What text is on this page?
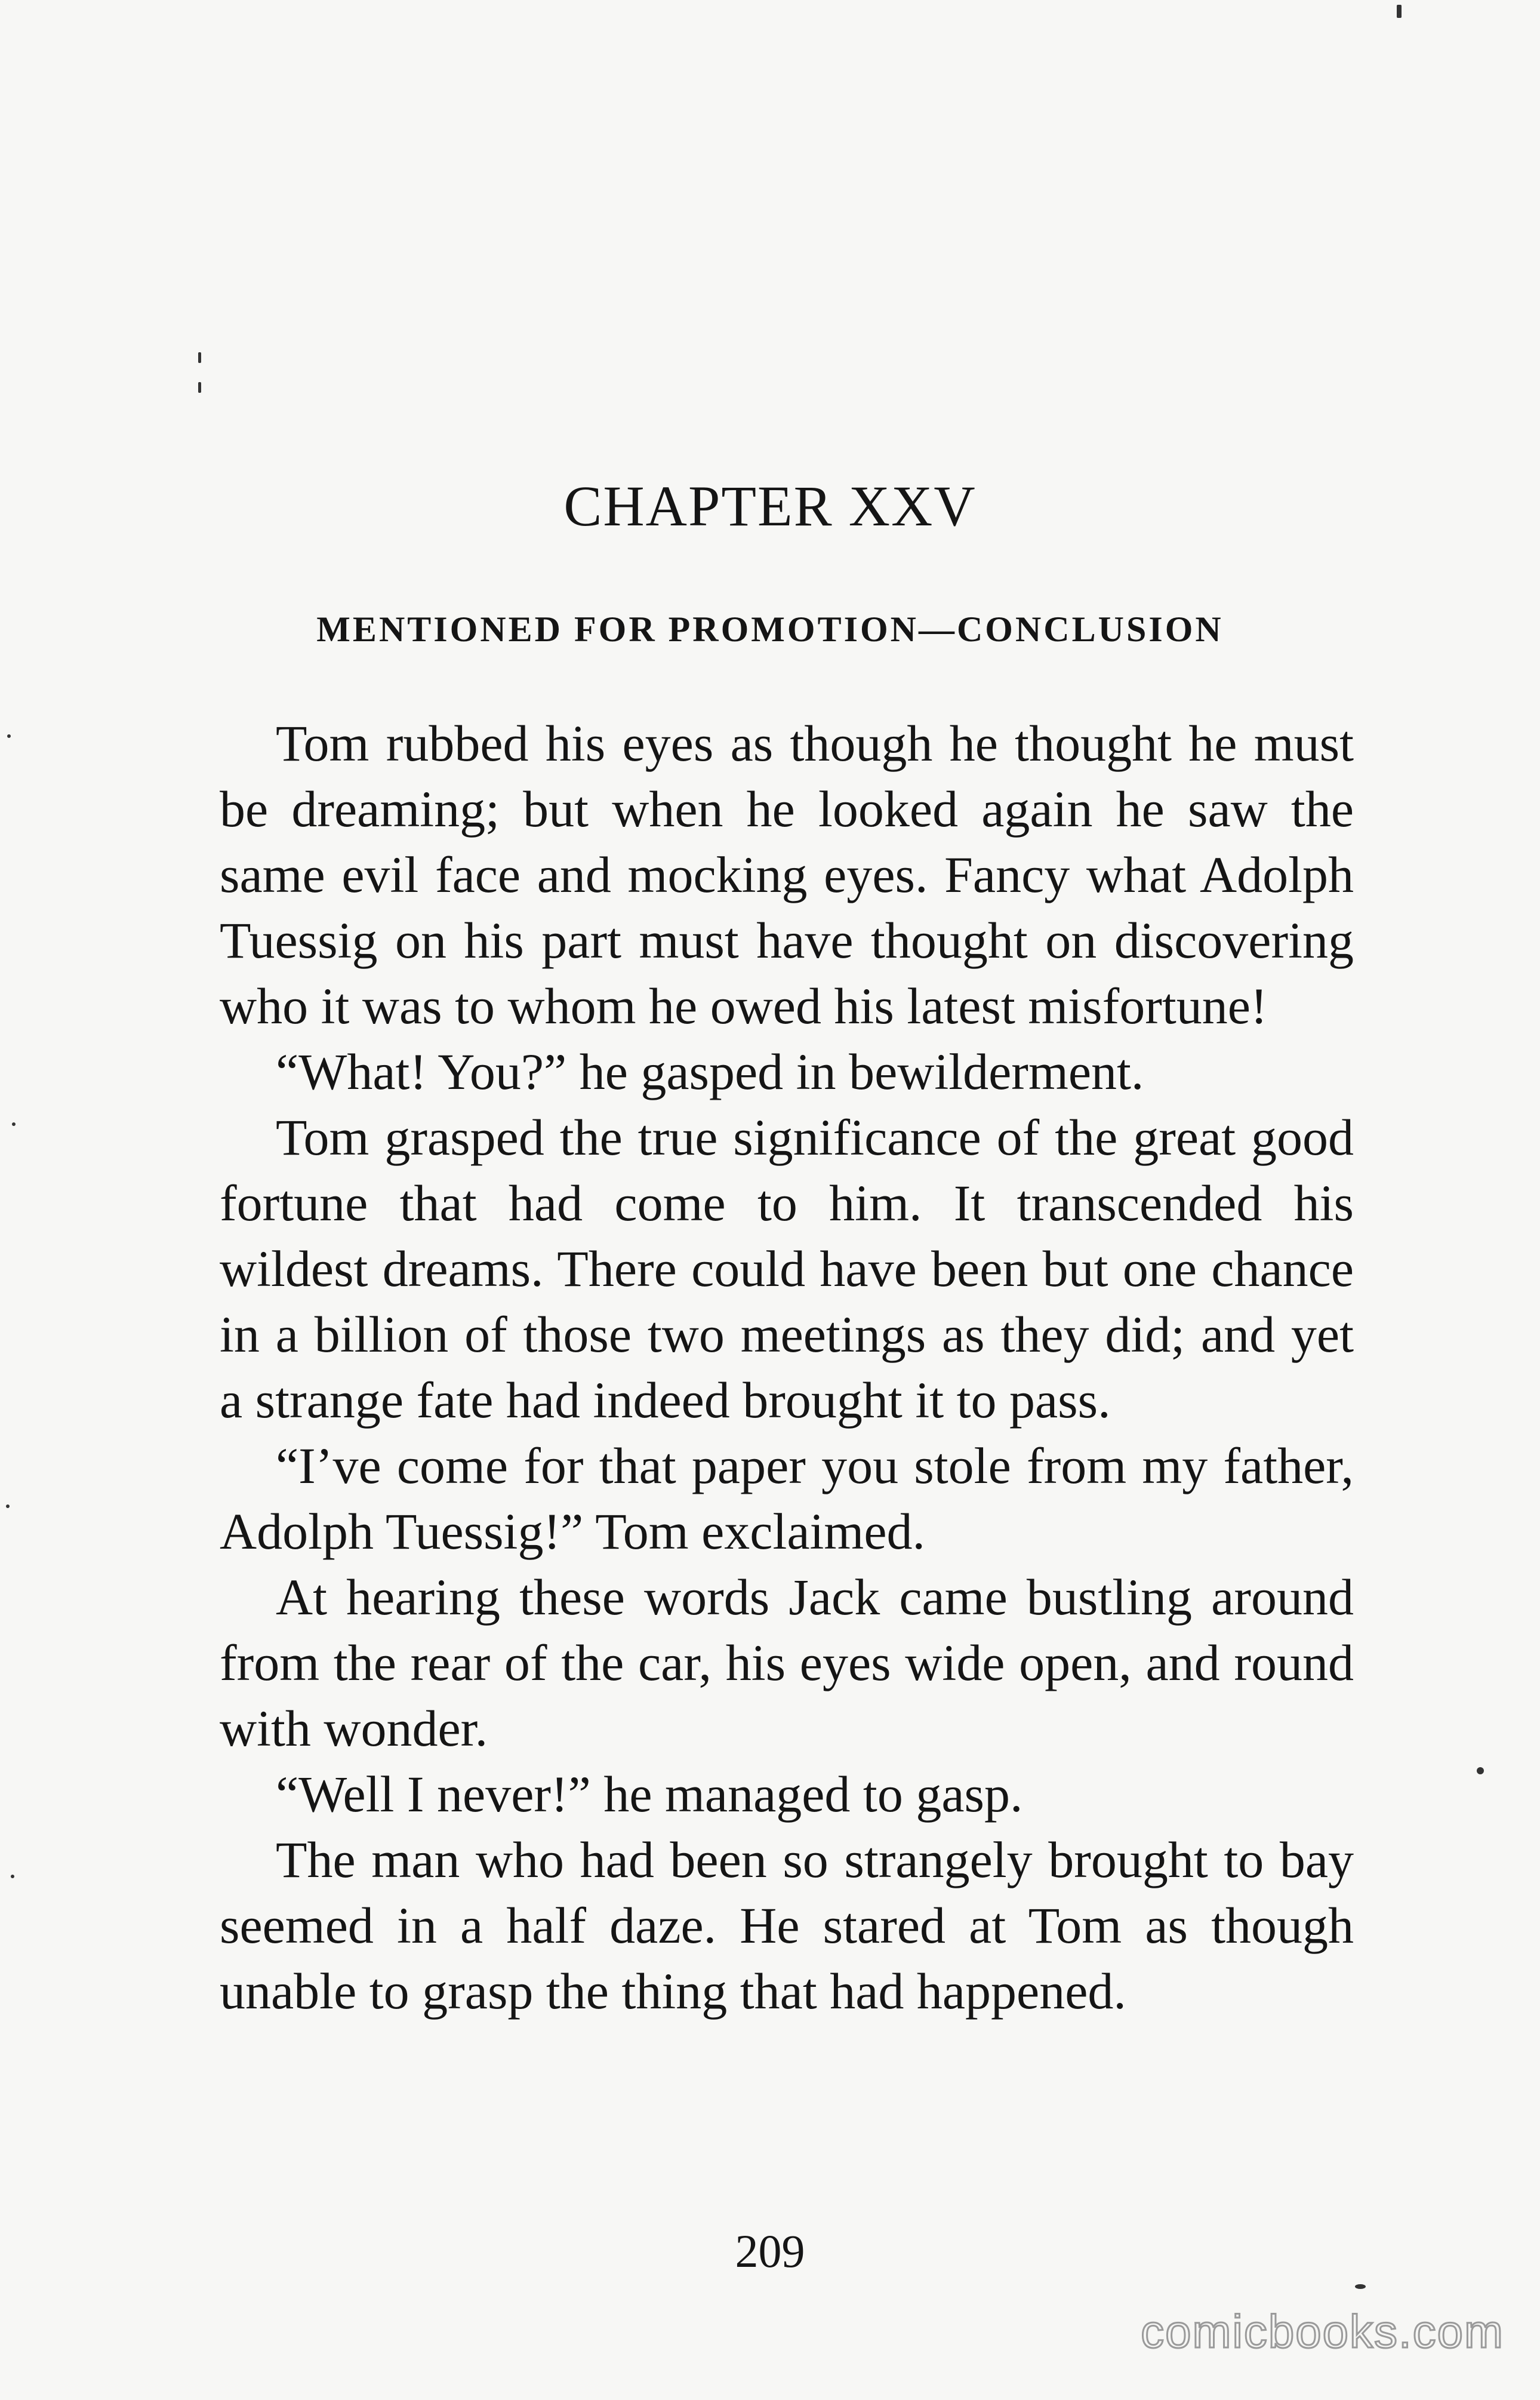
CHAPTER XXV
MENTIONED FOR PROMOTION—CONCLUSION

Tom rubbed his eyes as though he thought he must be dreaming; but when he looked again he saw the same evil face and mocking eyes. Fancy what Adolph Tuessig on his part must have thought on discovering who it was to whom he owed his latest misfortune!

“What! You?” he gasped in bewilderment.

Tom grasped the true significance of the great good fortune that had come to him. It transcended his wildest dreams. There could have been but one chance in a billion of those two meetings as they did; and yet a strange fate had indeed brought it to pass.

“I’ve come for that paper you stole from my father, Adolph Tuessig!” Tom exclaimed.

At hearing these words Jack came bustling around from the rear of the car, his eyes wide open, and round with wonder.

“Well I never!” he managed to gasp.

The man who had been so strangely brought to bay seemed in a half daze. He stared at Tom as though unable to grasp the thing that had happened.

209
comicbooks.com
